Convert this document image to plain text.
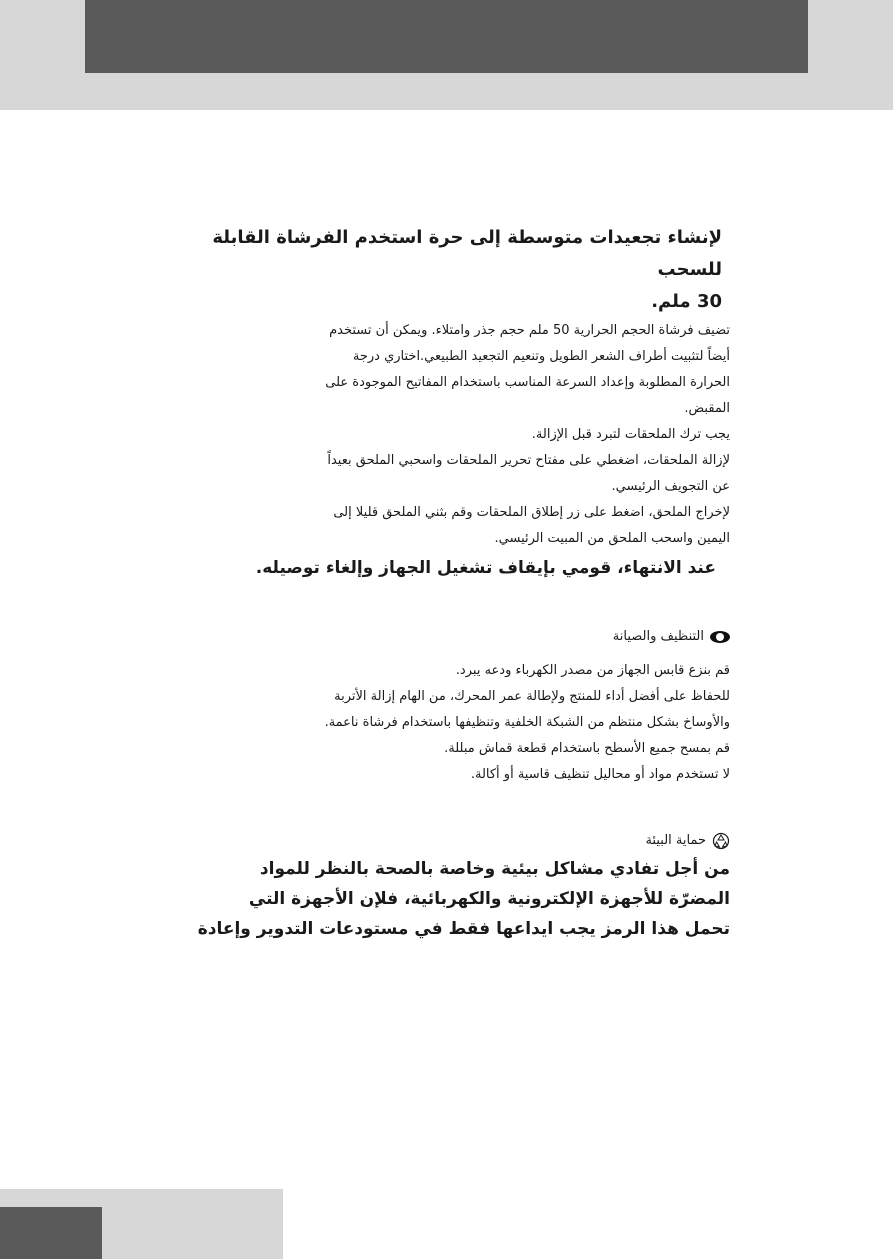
لإنشاء تجعيدات متوسطة إلى حرة استخدم الفرشاة القابلة للسحب

30 ملم.

تضيف فرشاة الحجم الحرارية 50 ملم حجم جذر وامتلاء. ويمكن أن تستخدم

أيضاً لتثبيت أطراف الشعر الطويل وتنعيم التجعيد الطبيعي.اختاري درجة

الحرارة المطلوبة وإعداد السرعة المناسب باستخدام المفاتيح الموجودة على

المقبض.

يجب ترك الملحقات لتبرد قبل الإزالة.

لإزالة الملحقات، اضغطي على مفتاح تحرير الملحقات واسحبي الملحق بعيداً

عن التجويف الرئيسي.

لإخراج الملحق، اضغط على زر إطلاق الملحقات وقم بثني الملحق قليلا إلى

اليمين واسحب الملحق من المبيت الرئيسي.

عند الانتهاء، قومي بإيقاف تشغيل الجهاز وإلغاء توصيله.

التنظيف والصيانة

قم بنزع قابس الجهاز من مصدر الكهرباء ودعه يبرد.

للحفاظ على أفضل أداء للمنتج ولإطالة عمر المحرك، من الهام إزالة الأتربة

والأوساخ بشكل منتظم من الشبكة الخلفية وتنظيفها باستخدام فرشاة ناعمة.

قم بمسح جميع الأسطح باستخدام قطعة قماش مبللة.

لا تستخدم مواد أو محاليل تنظيف قاسية أو أكالة.

حماية البيئة

من أجل تفادي مشاكل بيئية وخاصة بالصحة بالنظر للمواد

المضرّة للأجهزة الإلكترونية والكهربائية، فلإن الأجهزة التي

تحمل هذا الرمز يجب ايداعها فقط في مستودعات التدوير وإعادة
